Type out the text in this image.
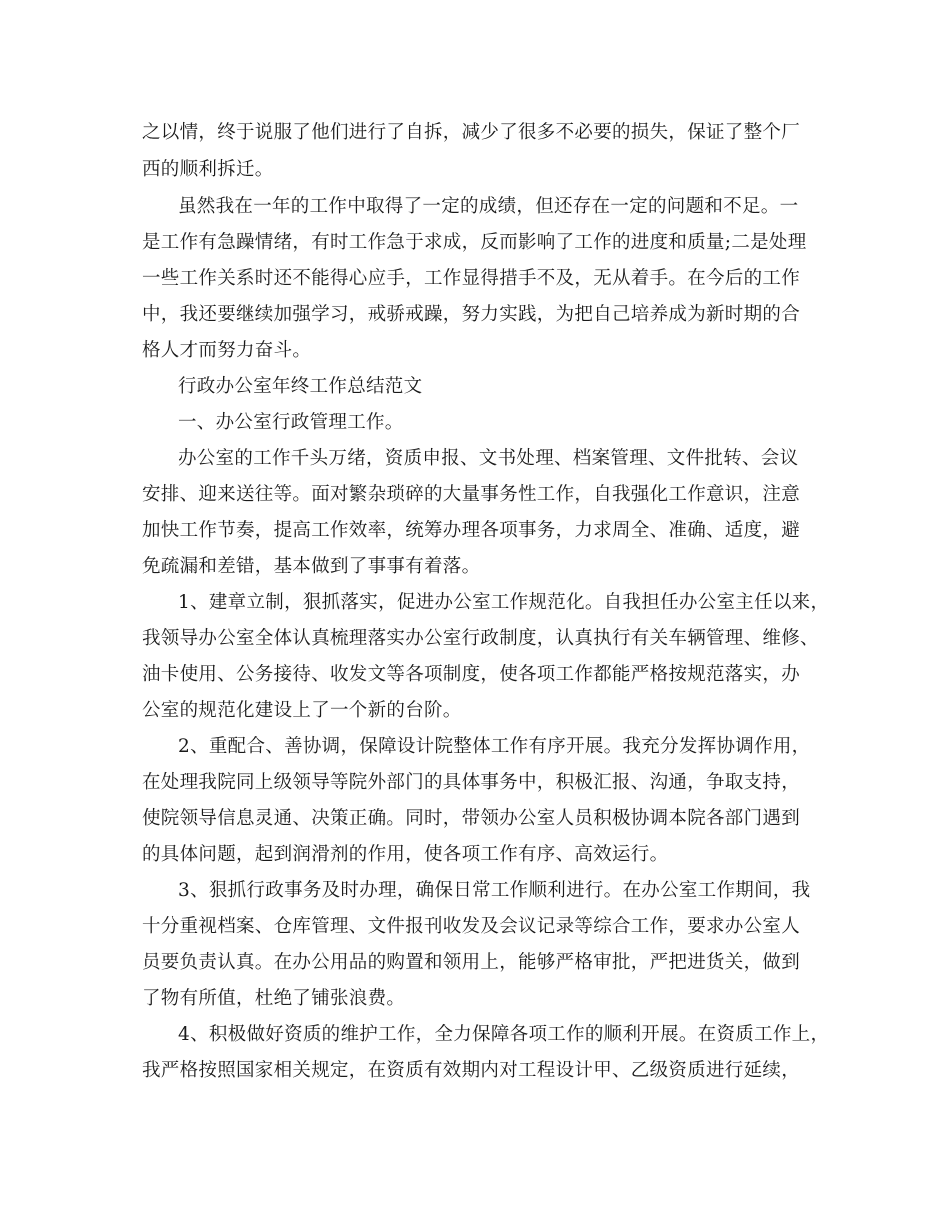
之以情，终于说服了他们进行了自拆，减少了很多不必要的损失，保证了整个厂
西的顺利拆迁。
虽然我在一年的工作中取得了一定的成绩，但还存在一定的问题和不足。一
是工作有急躁情绪，有时工作急于求成，反而影响了工作的进度和质量;二是处理
一些工作关系时还不能得心应手，工作显得措手不及，无从着手。在今后的工作
中，我还要继续加强学习，戒骄戒躁，努力实践，为把自己培养成为新时期的合
格人才而努力奋斗。
行政办公室年终工作总结范文
一、办公室行政管理工作。
办公室的工作千头万绪，资质申报、文书处理、档案管理、文件批转、会议
安排、迎来送往等。面对繁杂琐碎的大量事务性工作，自我强化工作意识，注意
加快工作节奏，提高工作效率，统筹办理各项事务，力求周全、准确、适度，避
免疏漏和差错，基本做到了事事有着落。
1、建章立制，狠抓落实，促进办公室工作规范化。自我担任办公室主任以来，
我领导办公室全体认真梳理落实办公室行政制度，认真执行有关车辆管理、维修、
油卡使用、公务接待、收发文等各项制度，使各项工作都能严格按规范落实，办
公室的规范化建设上了一个新的台阶。
2、重配合、善协调，保障设计院整体工作有序开展。我充分发挥协调作用，
在处理我院同上级领导等院外部门的具体事务中，积极汇报、沟通，争取支持，
使院领导信息灵通、决策正确。同时，带领办公室人员积极协调本院各部门遇到
的具体问题，起到润滑剂的作用，使各项工作有序、高效运行。
3、狠抓行政事务及时办理，确保日常工作顺利进行。在办公室工作期间，我
十分重视档案、仓库管理、文件报刊收发及会议记录等综合工作，要求办公室人
员要负责认真。在办公用品的购置和领用上，能够严格审批，严把进货关，做到
了物有所值，杜绝了铺张浪费。
4、积极做好资质的维护工作，全力保障各项工作的顺利开展。在资质工作上，
我严格按照国家相关规定，在资质有效期内对工程设计甲、乙级资质进行延续，
